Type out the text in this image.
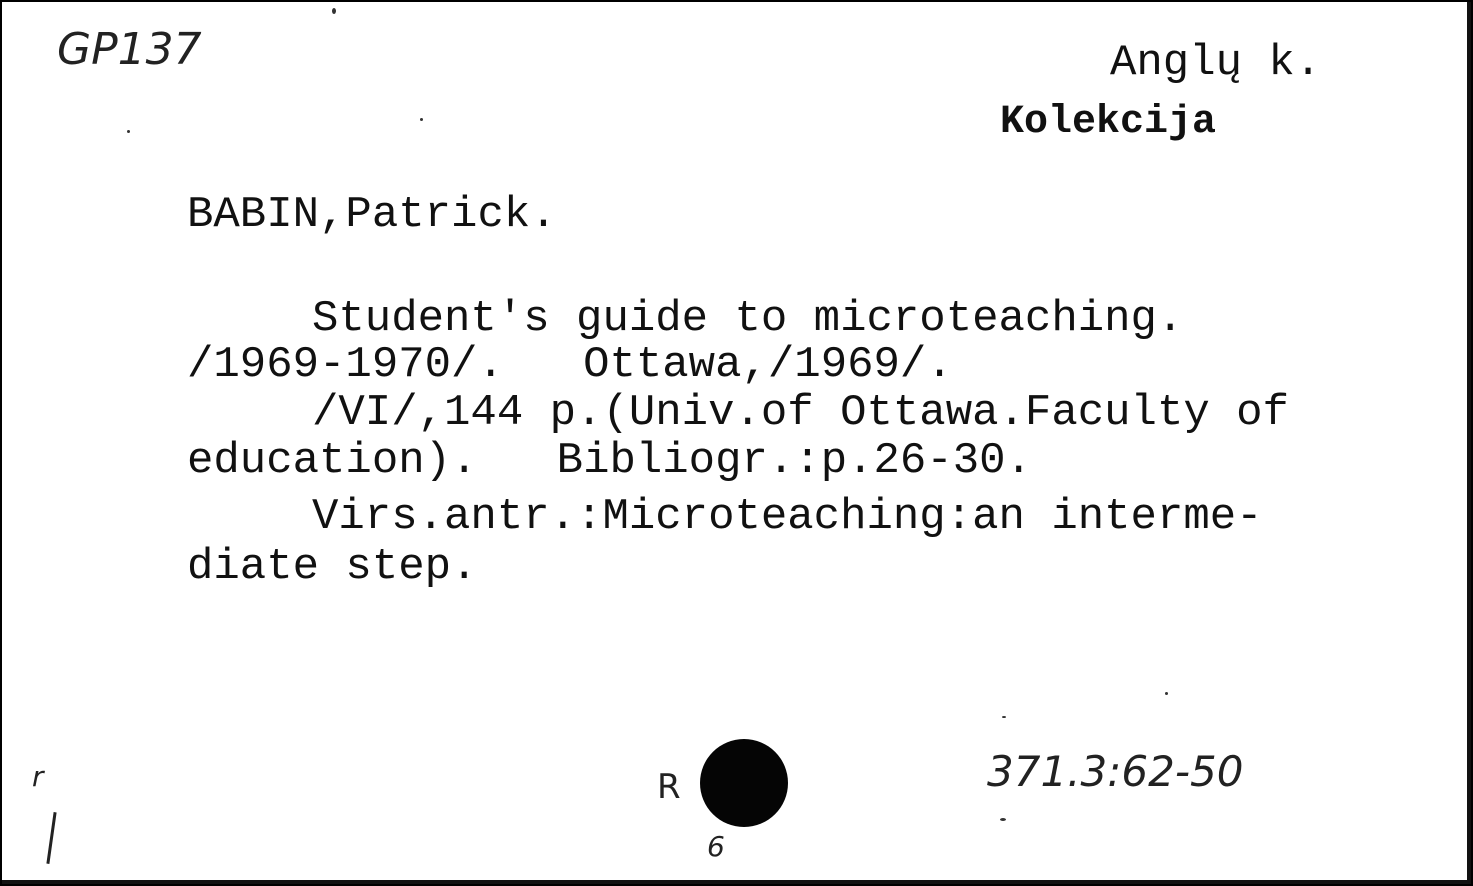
GP137	Anglų k.
Kolekcija
BABIN,Patrick.
Student's guide to microteaching.
/1969-1970/.   Ottawa,/1969/.
/VI/,144 p.(Univ.of Ottawa.Faculty of
education).   Bibliogr.:p.26-30.
Virs.antr.:Microteaching:an interme-
diate step.
r	R
6
371.3:62-50
